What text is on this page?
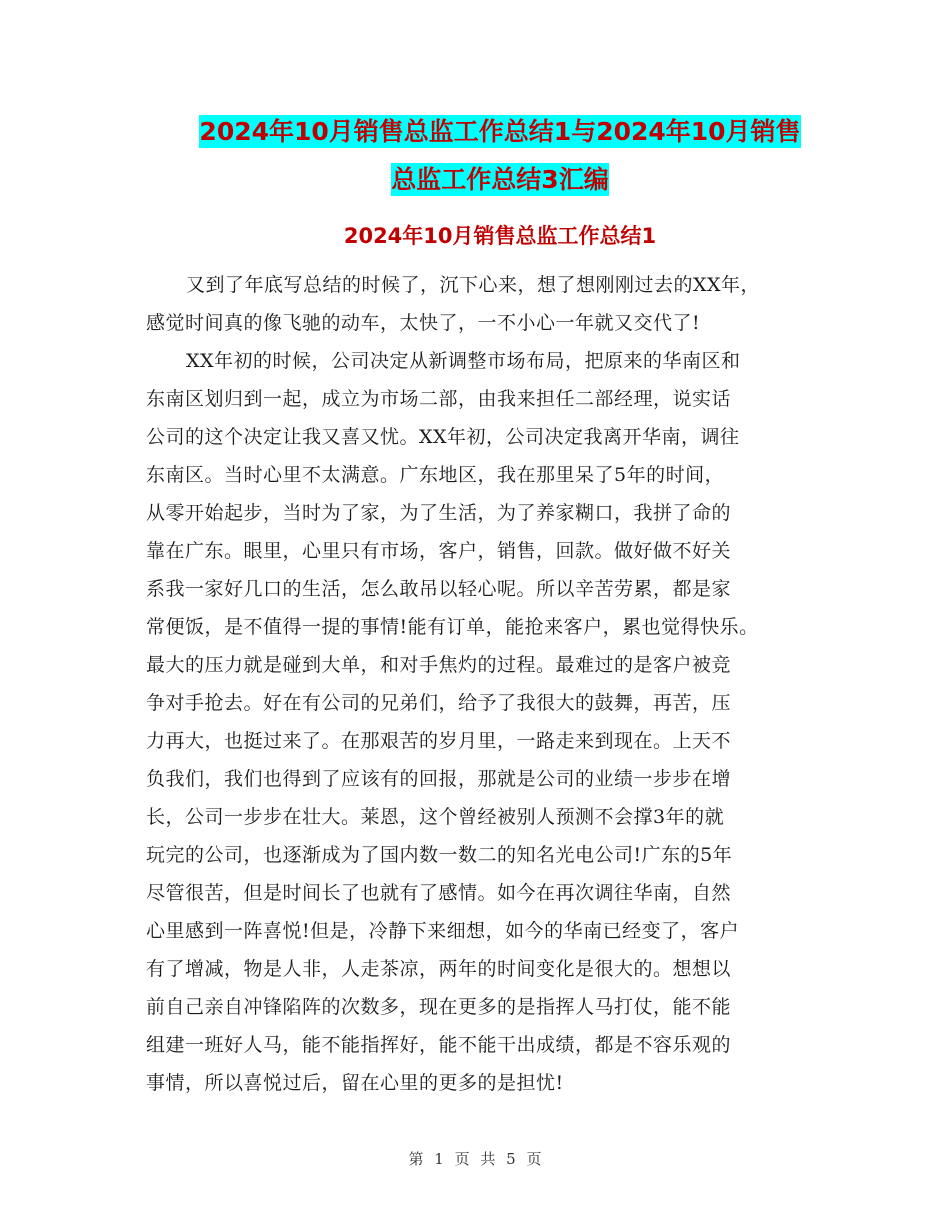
2024年10月销售总监工作总结1与2024年10月销售
总监工作总结3汇编
2024年10月销售总监工作总结1
又到了年底写总结的时候了，沉下心来，想了想刚刚过去的XX年，
感觉时间真的像飞驰的动车，太快了，一不小心一年就又交代了!
XX年初的时候，公司决定从新调整市场布局，把原来的华南区和
东南区划归到一起，成立为市场二部，由我来担任二部经理，说实话
公司的这个决定让我又喜又忧。XX年初，公司决定我离开华南，调往
东南区。当时心里不太满意。广东地区，我在那里呆了5年的时间，
从零开始起步，当时为了家，为了生活，为了养家糊口，我拼了命的
靠在广东。眼里，心里只有市场，客户，销售，回款。做好做不好关
系我一家好几口的生活，怎么敢吊以轻心呢。所以辛苦劳累，都是家
常便饭，是不值得一提的事情!能有订单，能抢来客户，累也觉得快乐。
最大的压力就是碰到大单，和对手焦灼的过程。最难过的是客户被竞
争对手抢去。好在有公司的兄弟们，给予了我很大的鼓舞，再苦，压
力再大，也挺过来了。在那艰苦的岁月里，一路走来到现在。上天不
负我们，我们也得到了应该有的回报，那就是公司的业绩一步步在增
长，公司一步步在壮大。莱恩，这个曾经被别人预测不会撑3年的就
玩完的公司，也逐渐成为了国内数一数二的知名光电公司!广东的5年
尽管很苦，但是时间长了也就有了感情。如今在再次调往华南，自然
心里感到一阵喜悦!但是，冷静下来细想，如今的华南已经变了，客户
有了增减，物是人非，人走茶凉，两年的时间变化是很大的。想想以
前自己亲自冲锋陷阵的次数多，现在更多的是指挥人马打仗，能不能
组建一班好人马，能不能指挥好，能不能干出成绩，都是不容乐观的
事情，所以喜悦过后，留在心里的更多的是担忧!
第 1 页 共 5 页
